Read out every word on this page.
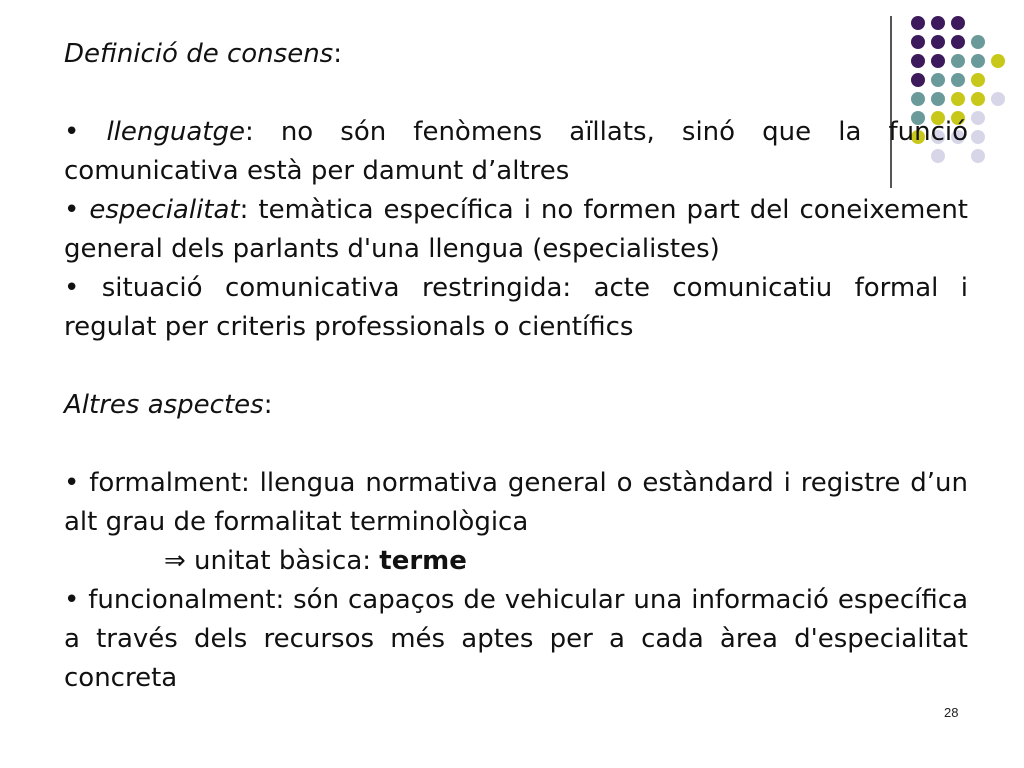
Definició de consens:

• llenguatge: no són fenòmens aïllats, sinó que la funció comunicativa està per damunt d’altres

• especialitat: temàtica específica i no formen part del coneixement general dels parlants d'una llengua (especialistes)

• situació comunicativa restringida: acte comunicatiu formal i regulat per criteris professionals o científics

Altres aspectes:

• formalment: llengua normativa general o estàndard i registre d’un alt grau de formalitat terminològica

⇒ unitat bàsica: terme

• funcionalment: són capaços de vehicular una informació específica a través dels recursos més aptes per a cada àrea d'especialitat concreta

28
